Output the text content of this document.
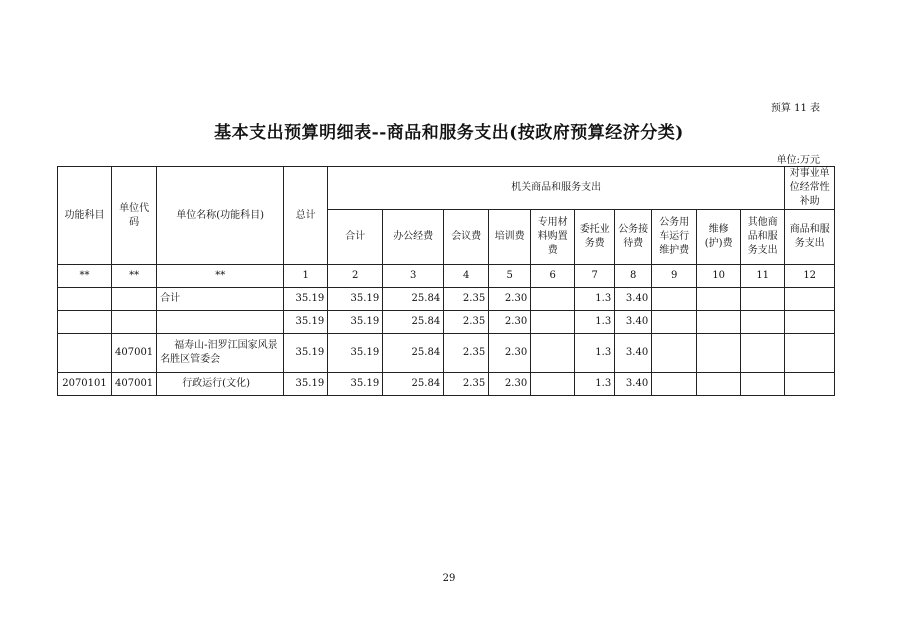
预算 11 表
基本支出预算明细表--商品和服务支出(按政府预算经济分类)
单位:万元
功能科目	单位代码	单位名称(功能科目)	总计	机关商品和服务支出										对事业单位经常性补助
				合计	办公经费	会议费	培训费	专用材料购置费	委托业务费	公务接待费	公务用车运行维护费	维修(护)费	其他商品和服务支出	商品和服务支出
**	**	**	1	2	3	4	5	6	7	8	9	10	11	12
		合计	35.19	35.19	25.84	2.35	2.30		1.3	3.40				
			35.19	35.19	25.84	2.35	2.30		1.3	3.40				
	407001	福寿山-汨罗江国家风景名胜区管委会	35.19	35.19	25.84	2.35	2.30		1.3	3.40				
2070101	407001	行政运行(文化)	35.19	35.19	25.84	2.35	2.30		1.3	3.40				
29
